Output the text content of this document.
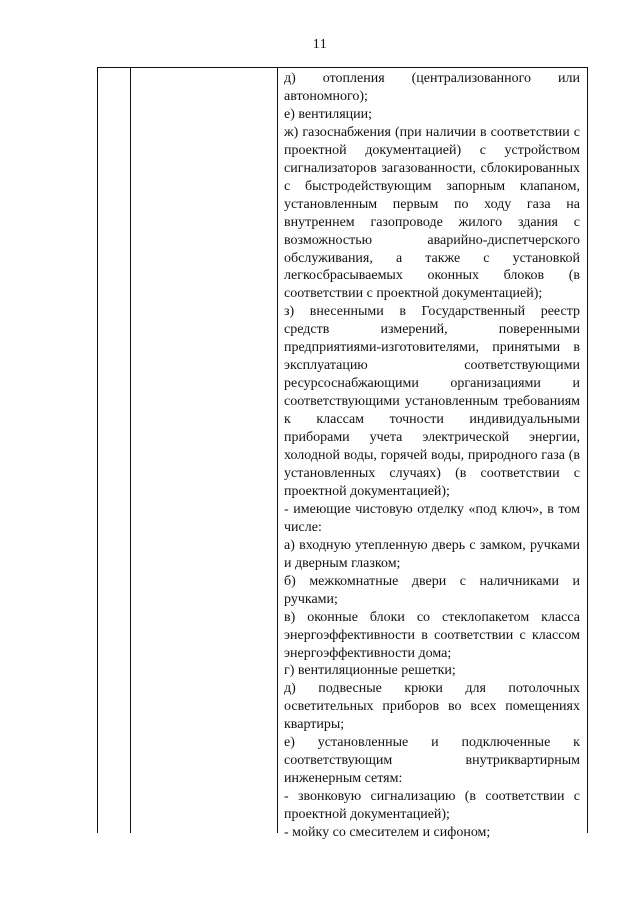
11

д) отопления (централизованного или автономного);

е) вентиляции;

ж) газоснабжения (при наличии в соответствии с проектной документацией) с устройством сигнализаторов загазованности, сблокированных с быстродействующим запорным клапаном, установленным первым по ходу газа на внутреннем газопроводе жилого здания с возможностью аварийно-диспетчерского обслуживания, а также с установкой легкосбрасываемых оконных блоков (в соответствии с проектной документацией);

з) внесенными в Государственный реестр средств измерений, поверенными предприятиями-изготовителями, принятыми в эксплуатацию соответствующими ресурсоснабжающими организациями и соответствующими установленным требованиям к классам точности индивидуальными приборами учета электрической энергии, холодной воды, горячей воды, природного газа (в установленных случаях) (в соответствии с проектной документацией);

- имеющие чистовую отделку «под ключ», в том числе:

а) входную утепленную дверь с замком, ручками и дверным глазком;

б) межкомнатные двери с наличниками и ручками;

в) оконные блоки со стеклопакетом класса энергоэффективности в соответствии с классом энергоэффективности дома;

г) вентиляционные решетки;

д) подвесные крюки для потолочных осветительных приборов во всех помещениях квартиры;

е) установленные и подключенные к соответствующим внутриквартирным инженерным сетям:

- звонковую сигнализацию (в соответствии с проектной документацией);

- мойку со смесителем и сифоном;
